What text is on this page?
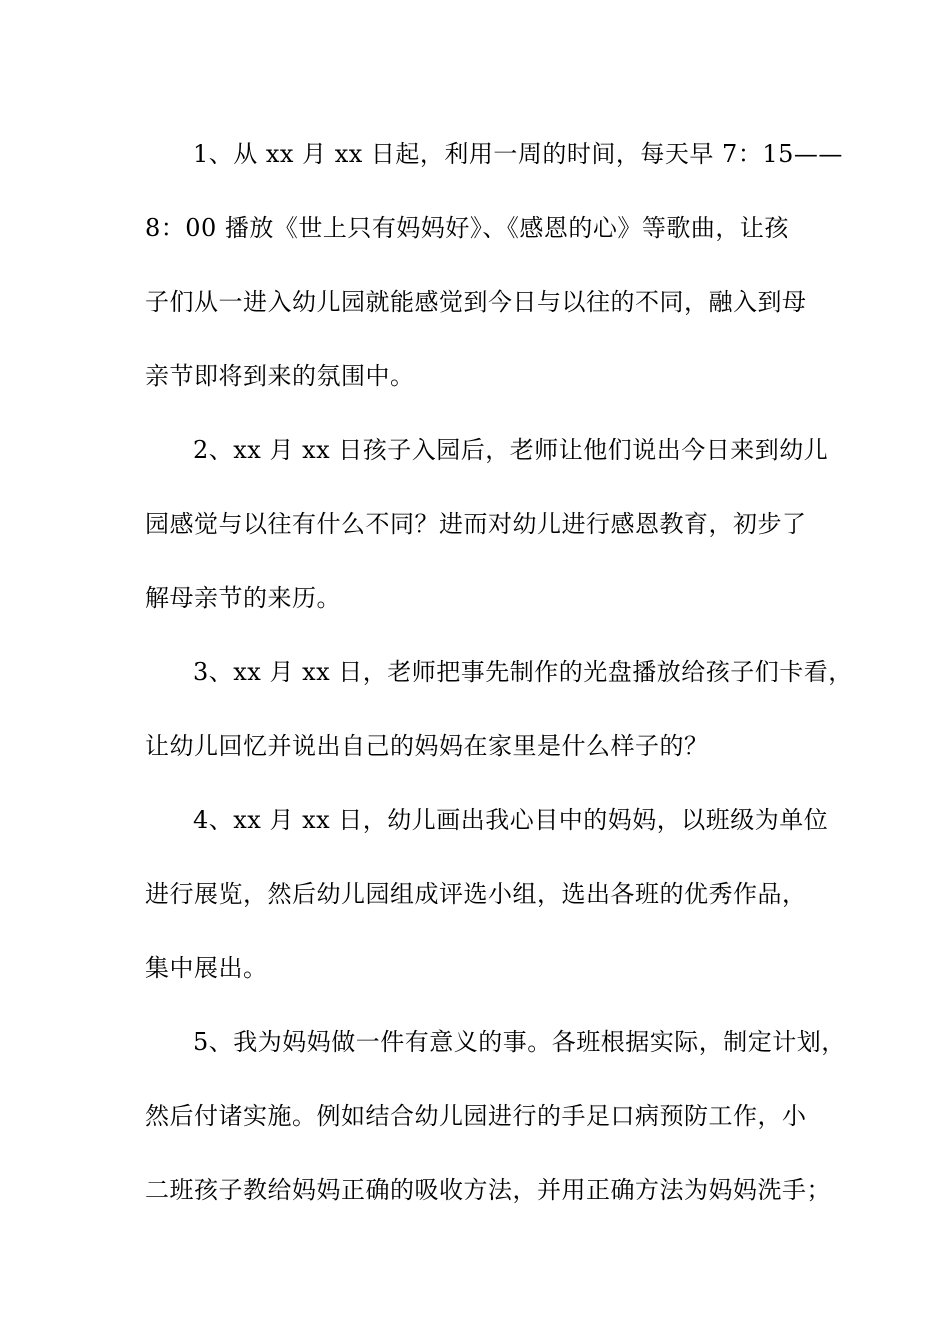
1、从 xx 月 xx 日起，利用一周的时间，每天早 7：15——
8：00 播放《世上只有妈妈好》、《感恩的心》等歌曲，让孩
子们从一进入幼儿园就能感觉到今日与以往的不同，融入到母
亲节即将到来的氛围中。
2、xx 月 xx 日孩子入园后，老师让他们说出今日来到幼儿
园感觉与以往有什么不同？进而对幼儿进行感恩教育，初步了
解母亲节的来历。
3、xx 月 xx 日，老师把事先制作的光盘播放给孩子们卡看，
让幼儿回忆并说出自己的妈妈在家里是什么样子的？
4、xx 月 xx 日，幼儿画出我心目中的妈妈，以班级为单位
进行展览，然后幼儿园组成评选小组，选出各班的优秀作品，
集中展出。
5、我为妈妈做一件有意义的事。各班根据实际，制定计划，
然后付诸实施。例如结合幼儿园进行的手足口病预防工作，小
二班孩子教给妈妈正确的吸收方法，并用正确方法为妈妈洗手；
